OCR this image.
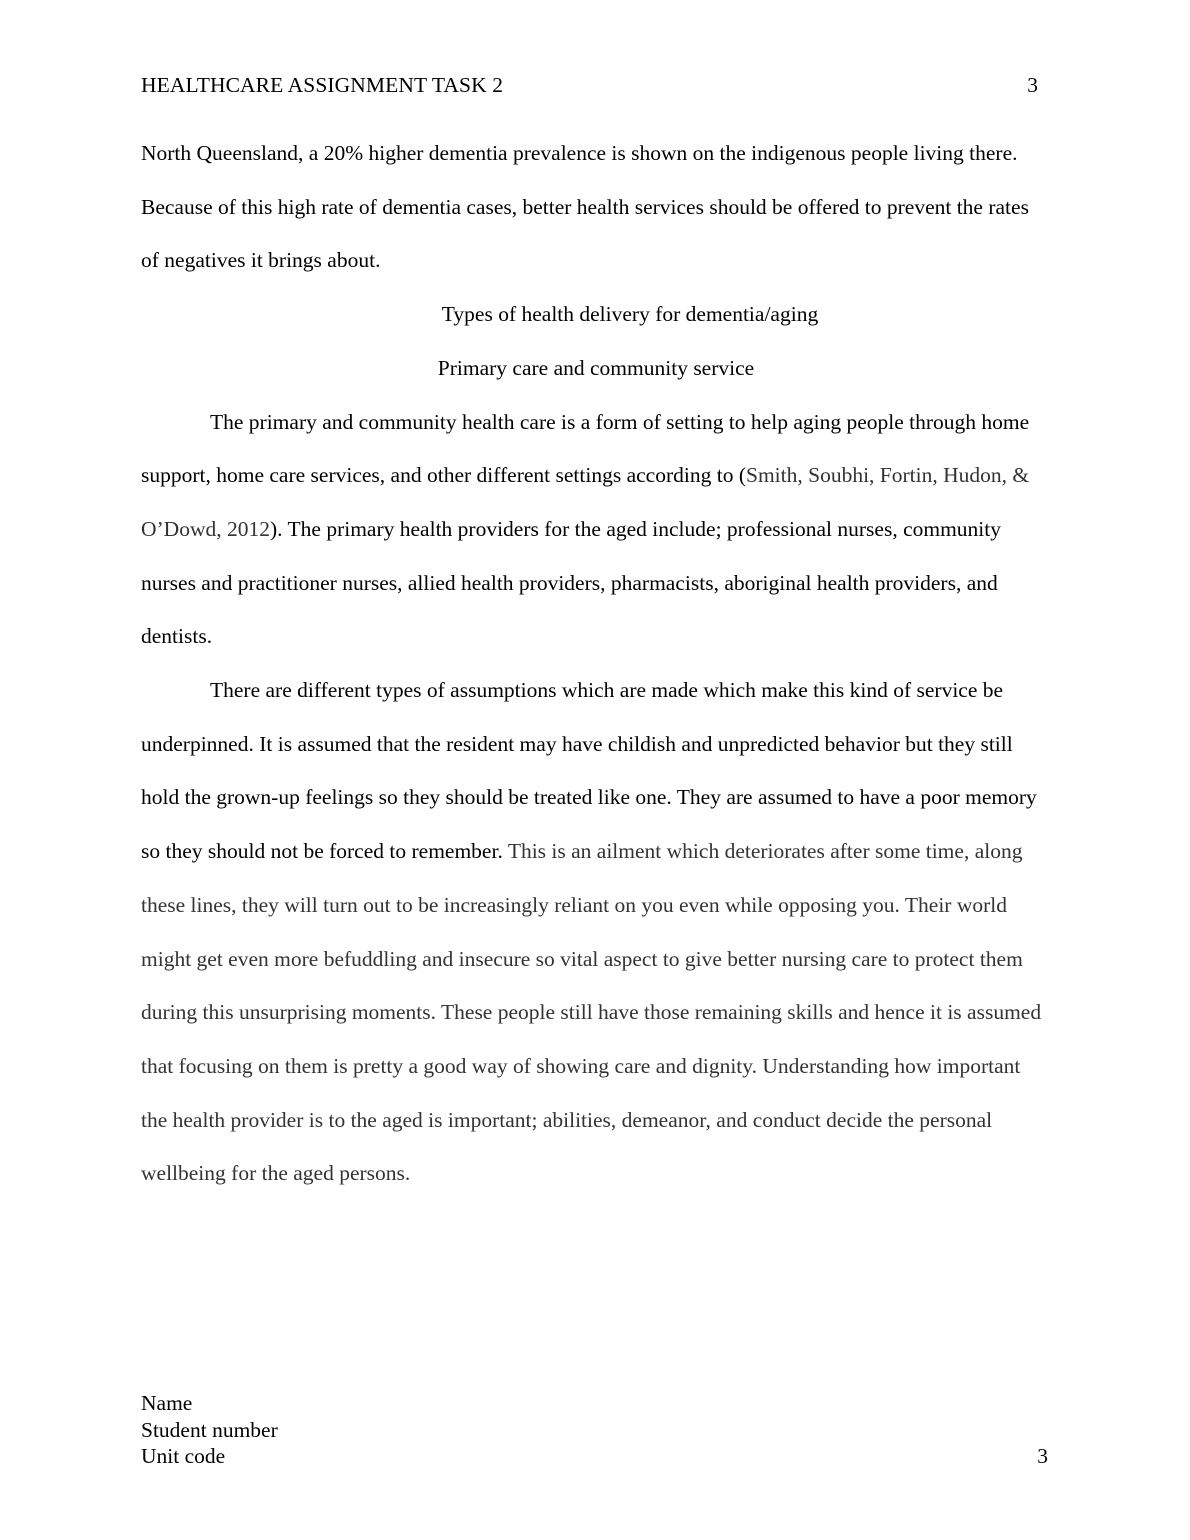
HEALTHCARE ASSIGNMENT TASK 2	3

North Queensland, a 20% higher dementia prevalence is shown on the indigenous people living there. Because of this high rate of dementia cases, better health services should be offered to prevent the rates of negatives it brings about.

Types of health delivery for dementia/aging

Primary care and community service

The primary and community health care is a form of setting to help aging people through home support, home care services, and other different settings according to (Smith, Soubhi, Fortin, Hudon, & O’Dowd, 2012). The primary health providers for the aged include; professional nurses, community nurses and practitioner nurses, allied health providers, pharmacists, aboriginal health providers, and dentists.

There are different types of assumptions which are made which make this kind of service be underpinned. It is assumed that the resident may have childish and unpredicted behavior but they still hold the grown-up feelings so they should be treated like one. They are assumed to have a poor memory so they should not be forced to remember. This is an ailment which deteriorates after some time, along these lines, they will turn out to be increasingly reliant on you even while opposing you. Their world might get even more befuddling and insecure so vital aspect to give better nursing care to protect them during this unsurprising moments. These people still have those remaining skills and hence it is assumed that focusing on them is pretty a good way of showing care and dignity. Understanding how important the health provider is to the aged is important; abilities, demeanor, and conduct decide the personal wellbeing for the aged persons.

Name
Student number
Unit code	3
